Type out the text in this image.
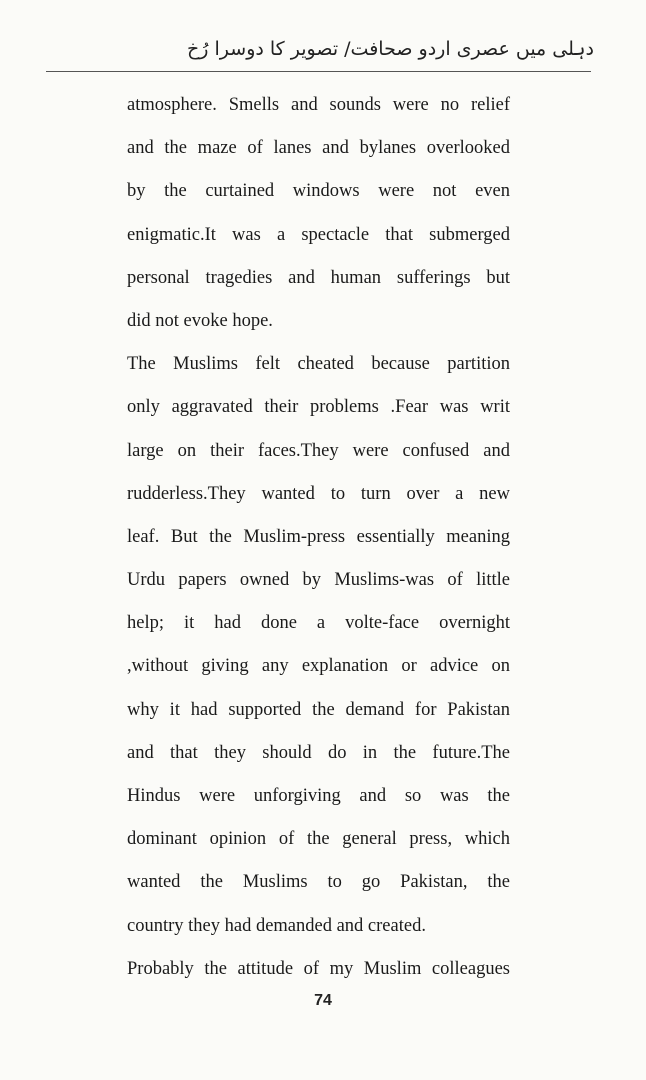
دہلی میں عصری اردو صحافت/ تصویر کا دوسرا رُخ
atmosphere. Smells and sounds were no relief
and the maze of lanes and bylanes overlooked
by the curtained windows were not even
enigmatic.It was a spectacle that submerged
personal tragedies and human sufferings but
did not evoke hope.
The Muslims felt cheated because partition
only aggravated their problems .Fear was writ
large on their faces.They were confused and
rudderless.They wanted to turn over a new
leaf. But the Muslim-press essentially meaning
Urdu papers owned by Muslims-was of little
help; it had done a volte-face overnight
,without giving any explanation or advice on
why it had supported the demand for Pakistan
and that they should do in the future.The
Hindus were unforgiving and so was the
dominant opinion of the general press, which
wanted the Muslims to go Pakistan, the
country they had demanded and created.
Probably the attitude of my Muslim colleagues
74
